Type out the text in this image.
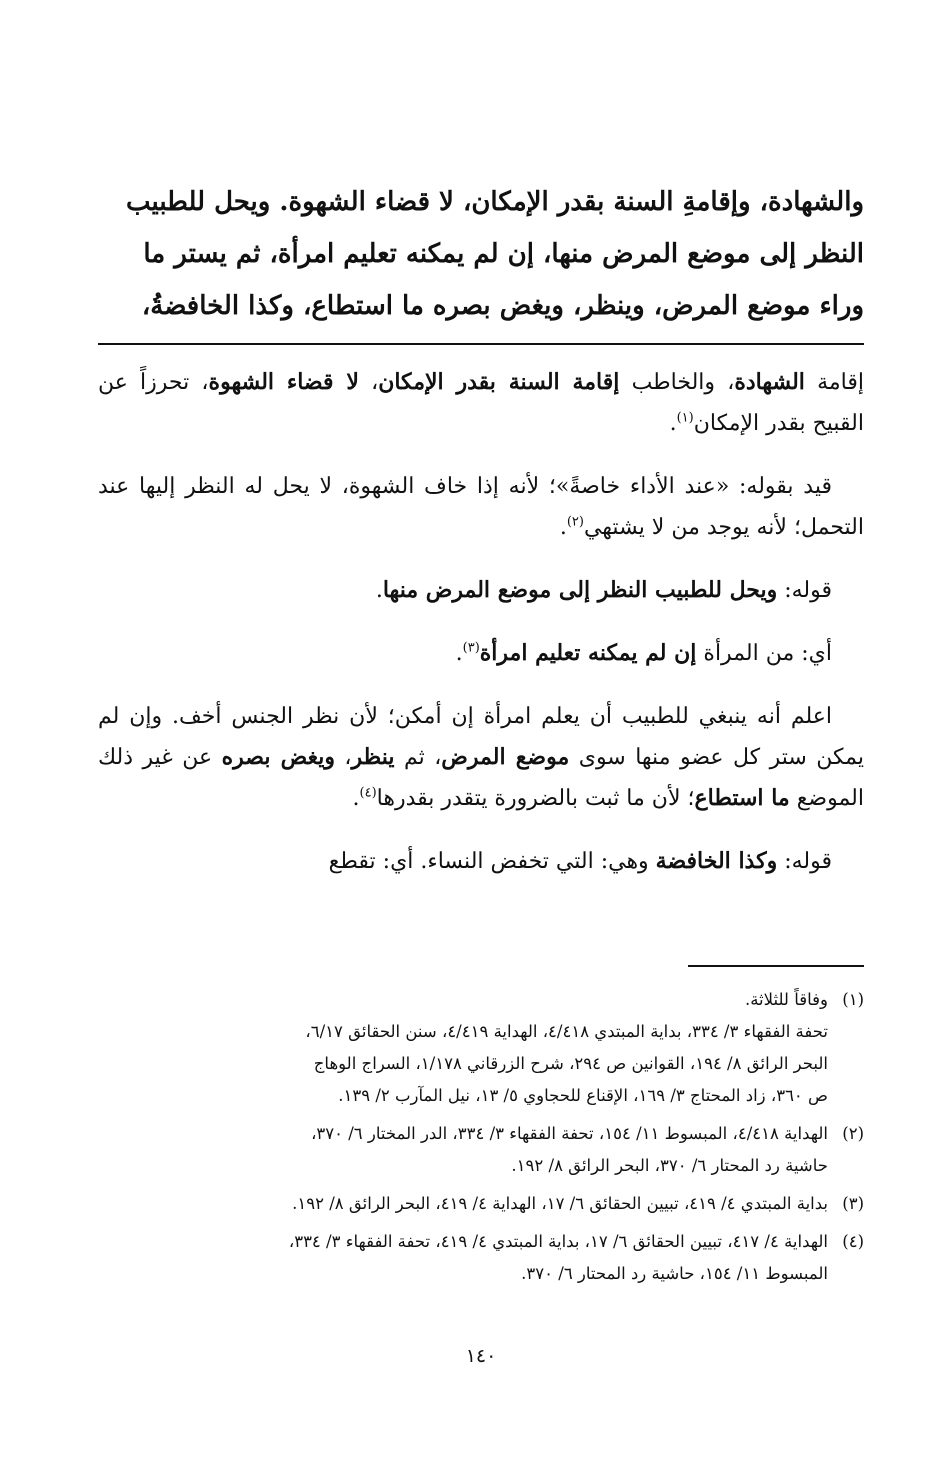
والشهادة، وإقامةِ السنة بقدر الإمكان، لا قضاء الشهوة. ويحل للطبيب
النظر إلى موضع المرض منها، إن لم يمكنه تعليم امرأة، ثم يستر ما
وراء موضع المرض، وينظر، ويغض بصره ما استطاع، وكذا الخافضةُ،

إقامة الشهادة، والخاطب إقامة السنة بقدر الإمكان، لا قضاء الشهوة، تحرزاً عن القبيح بقدر الإمكان$^{(١)}$.

قيد بقوله: «عند الأداء خاصةً»؛ لأنه إذا خاف الشهوة، لا يحل له النظر إليها عند التحمل؛ لأنه يوجد من لا يشتهي$^{(٢)}$.

قوله: ويحل للطبيب النظر إلى موضع المرض منها.

أي: من المرأة إن لم يمكنه تعليم امرأة$^{(٣)}$.

اعلم أنه ينبغي للطبيب أن يعلم امرأة إن أمكن؛ لأن نظر الجنس أخف. وإن لم يمكن ستر كل عضو منها سوى موضع المرض، ثم ينظر، ويغض بصره عن غير ذلك الموضع ما استطاع؛ لأن ما ثبت بالضرورة يتقدر بقدرها$^{(٤)}$.

قوله: وكذا الخافضة وهي: التي تخفض النساء. أي: تقطع

(١)
وفاقاً للثلاثة.
تحفة الفقهاء ٣/ ٣٣٤، بداية المبتدي ٤/٤١٨، الهداية ٤/٤١٩، سنن الحقائق ٦/١٧،
البحر الرائق ٨/ ١٩٤، القوانين ص ٢٩٤، شرح الزرقاني ١/١٧٨، السراج الوهاج
ص ٣٦٠، زاد المحتاج ٣/ ١٦٩، الإقناع للحجاوي ٥/ ١٣، نيل المآرب ٢/ ١٣٩.
(٢)
الهداية ٤/٤١٨، المبسوط ١١/ ١٥٤، تحفة الفقهاء ٣/ ٣٣٤، الدر المختار ٦/ ٣٧٠،
حاشية رد المحتار ٦/ ٣٧٠، البحر الرائق ٨/ ١٩٢.
(٣)
بداية المبتدي ٤/ ٤١٩، تبيين الحقائق ٦/ ١٧، الهداية ٤/ ٤١٩، البحر الرائق ٨/ ١٩٢.
(٤)
الهداية ٤/ ٤١٧، تبيين الحقائق ٦/ ١٧، بداية المبتدي ٤/ ٤١٩، تحفة الفقهاء ٣/ ٣٣٤،
المبسوط ١١/ ١٥٤، حاشية رد المحتار ٦/ ٣٧٠.
١٤٠
